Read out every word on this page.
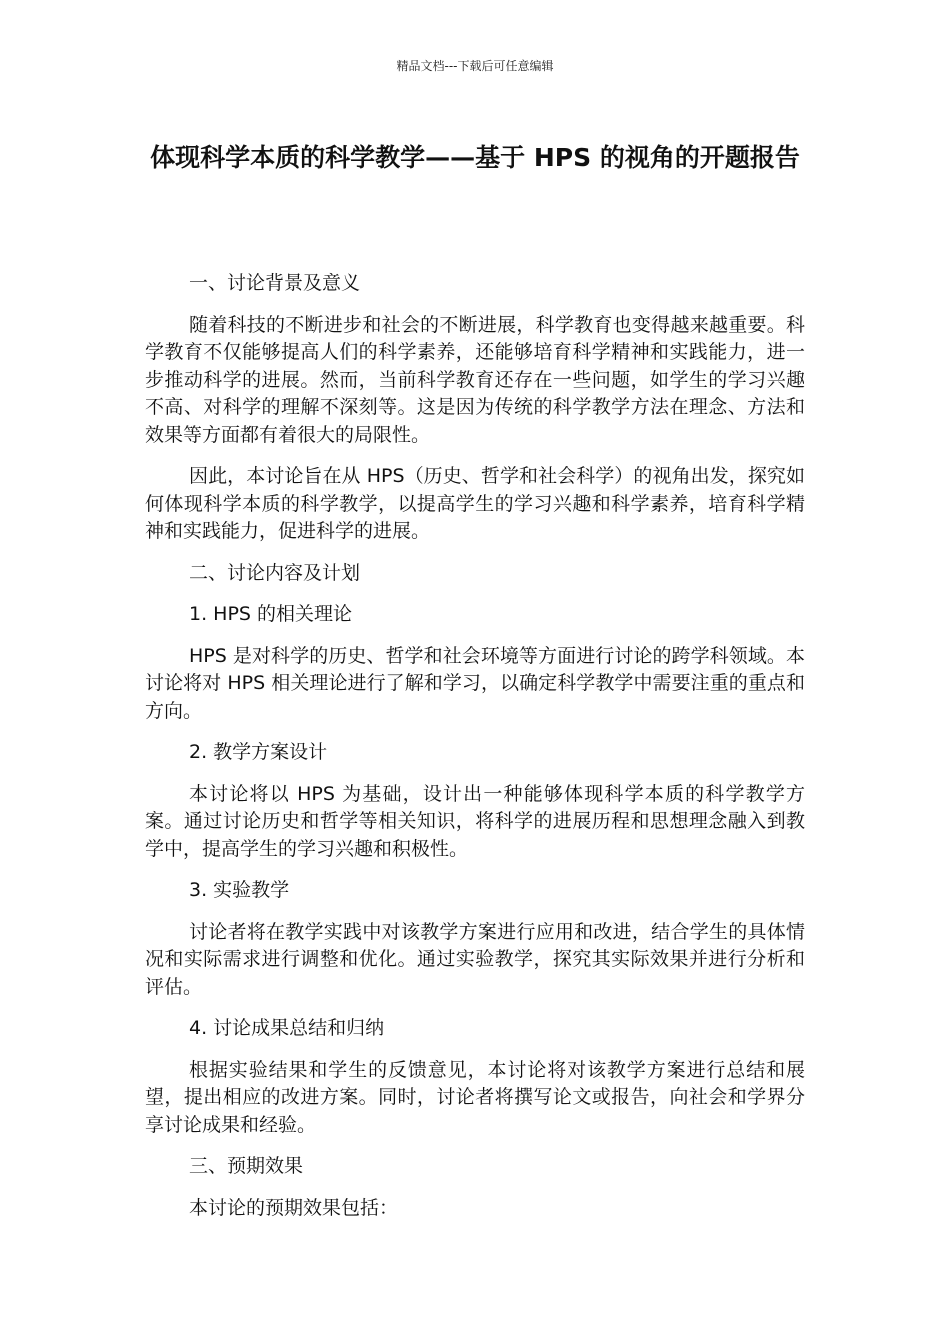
精品文档---下载后可任意编辑
体现科学本质的科学教学——基于 HPS 的视角的开题报告

一、讨论背景及意义

随着科技的不断进步和社会的不断进展，科学教育也变得越来越重要。科学教育不仅能够提高人们的科学素养，还能够培育科学精神和实践能力，进一步推动科学的进展。然而，当前科学教育还存在一些问题，如学生的学习兴趣不高、对科学的理解不深刻等。这是因为传统的科学教学方法在理念、方法和效果等方面都有着很大的局限性。

因此，本讨论旨在从 HPS（历史、哲学和社会科学）的视角出发，探究如何体现科学本质的科学教学，以提高学生的学习兴趣和科学素养，培育科学精神和实践能力，促进科学的进展。

二、讨论内容及计划

1. HPS 的相关理论

HPS 是对科学的历史、哲学和社会环境等方面进行讨论的跨学科领域。本讨论将对 HPS 相关理论进行了解和学习，以确定科学教学中需要注重的重点和方向。

2. 教学方案设计

本讨论将以 HPS 为基础，设计出一种能够体现科学本质的科学教学方案。通过讨论历史和哲学等相关知识，将科学的进展历程和思想理念融入到教学中，提高学生的学习兴趣和积极性。

3. 实验教学

讨论者将在教学实践中对该教学方案进行应用和改进，结合学生的具体情况和实际需求进行调整和优化。通过实验教学，探究其实际效果并进行分析和评估。

4. 讨论成果总结和归纳

根据实验结果和学生的反馈意见，本讨论将对该教学方案进行总结和展望，提出相应的改进方案。同时，讨论者将撰写论文或报告，向社会和学界分享讨论成果和经验。

三、预期效果

本讨论的预期效果包括：
